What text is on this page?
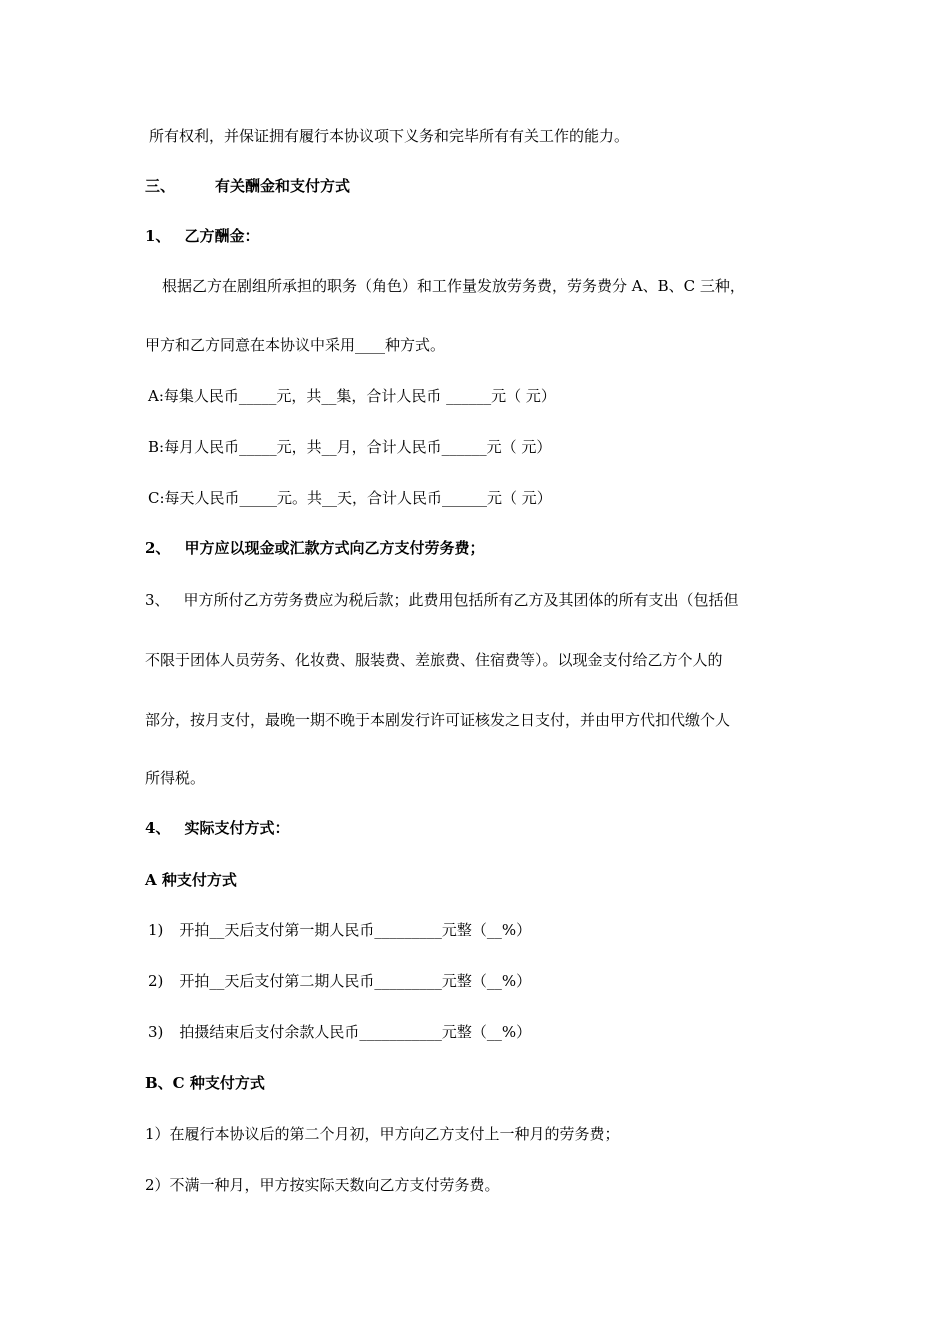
所有权利，并保证拥有履行本协议项下义务和完毕所有有关工作的能力。
三、	有关酬金和支付方式
1、 乙方酬金：
根据乙方在剧组所承担的职务（角色）和工作量发放劳务费，劳务费分 A、B、C 三种，
甲方和乙方同意在本协议中采用____种方式。
A:每集人民币_____元，共__集，合计人民币 ______元（ 元）
B:每月人民币_____元，共__月，合计人民币______元（ 元）
C:每天人民币_____元。共__天，合计人民币______元（ 元）
2、 甲方应以现金或汇款方式向乙方支付劳务费；
3、 甲方所付乙方劳务费应为税后款；此费用包括所有乙方及其团体的所有支出（包括但
不限于团体人员劳务、化妆费、服装费、差旅费、住宿费等）。以现金支付给乙方个人的
部分，按月支付，最晚一期不晚于本剧发行许可证核发之日支付，并由甲方代扣代缴个人
所得税。
4、 实际支付方式：
A 种支付方式
1) 开拍__天后支付第一期人民币_________元整（__%）
2) 开拍__天后支付第二期人民币_________元整（__%）
3) 拍摄结束后支付余款人民币___________元整（__%）
B、C 种支付方式
1）在履行本协议后的第二个月初，甲方向乙方支付上一种月的劳务费；
2）不满一种月，甲方按实际天数向乙方支付劳务费。
